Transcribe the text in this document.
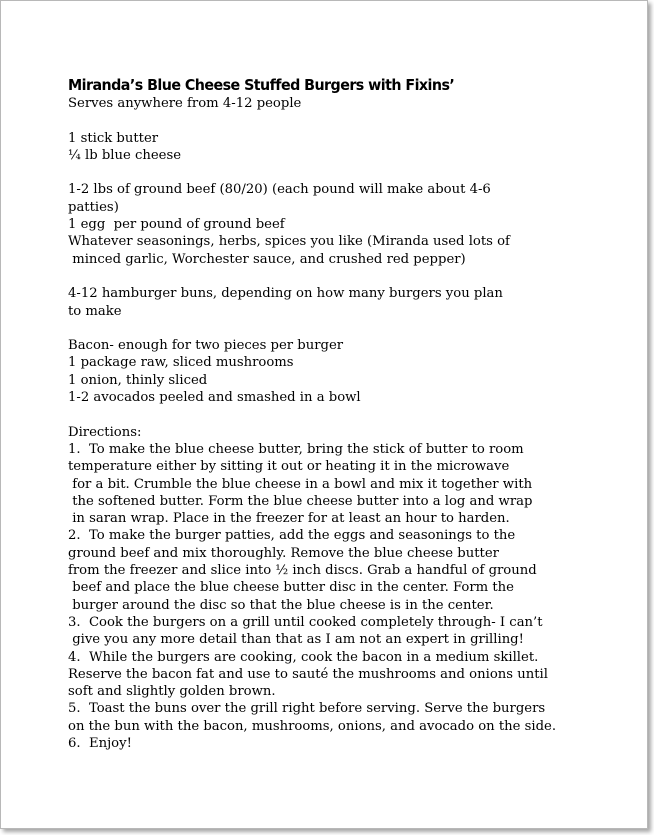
Miranda’s Blue Cheese Stuffed Burgers with Fixins’
Serves anywhere from 4-12 people
1 stick butter
¼ lb blue cheese
1-2 lbs of ground beef (80/20) (each pound will make about 4-6
patties)
1 egg  per pound of ground beef
Whatever seasonings, herbs, spices you like (Miranda used lots of
minced garlic, Worchester sauce, and crushed red pepper)
4-12 hamburger buns, depending on how many burgers you plan
to make
Bacon- enough for two pieces per burger
1 package raw, sliced mushrooms
1 onion, thinly sliced
1-2 avocados peeled and smashed in a bowl
Directions:
1.  To make the blue cheese butter, bring the stick of butter to room
temperature either by sitting it out or heating it in the microwave
for a bit. Crumble the blue cheese in a bowl and mix it together with
the softened butter. Form the blue cheese butter into a log and wrap
in saran wrap. Place in the freezer for at least an hour to harden.
2.  To make the burger patties, add the eggs and seasonings to the
ground beef and mix thoroughly. Remove the blue cheese butter
from the freezer and slice into ½ inch discs. Grab a handful of ground
beef and place the blue cheese butter disc in the center. Form the
burger around the disc so that the blue cheese is in the center.
3.  Cook the burgers on a grill until cooked completely through- I can’t
give you any more detail than that as I am not an expert in grilling!
4.  While the burgers are cooking, cook the bacon in a medium skillet.
Reserve the bacon fat and use to sauté the mushrooms and onions until
soft and slightly golden brown.
5.  Toast the buns over the grill right before serving. Serve the burgers
on the bun with the bacon, mushrooms, onions, and avocado on the side.
6.  Enjoy!
